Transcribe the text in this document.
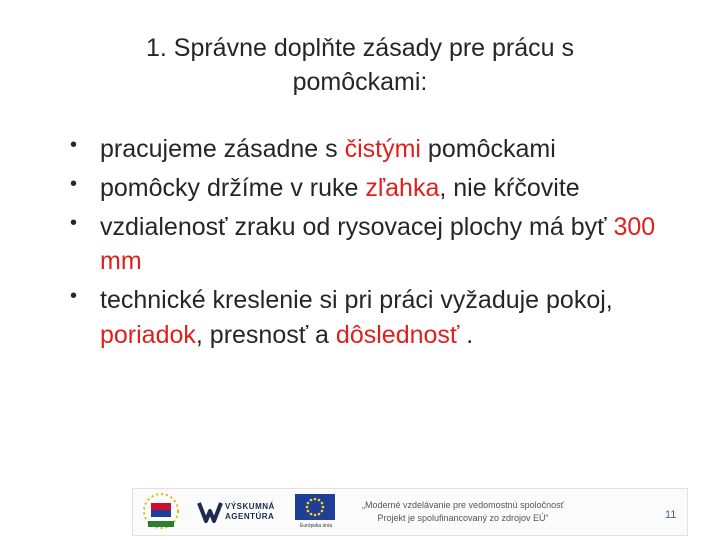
1. Správne doplňte zásady pre prácu s
pomôckami:
• pracujeme zásadne s čistými pomôckami
• pomôcky držíme v ruke zľahka, nie kŕčovite
• vzdialenosť zraku od rysovacej plochy má byť 300 mm
• technické kreslenie si pri práci vyžaduje pokoj, poriadok, presnosť a dôslednosť .
VÝSKUMNÁ
AGENTÚRA
Európska únia
„Moderné vzdelávanie pre vedomostnú spoločnosť
Projekt je spolufinancovaný zo zdrojov EÚ“	11
